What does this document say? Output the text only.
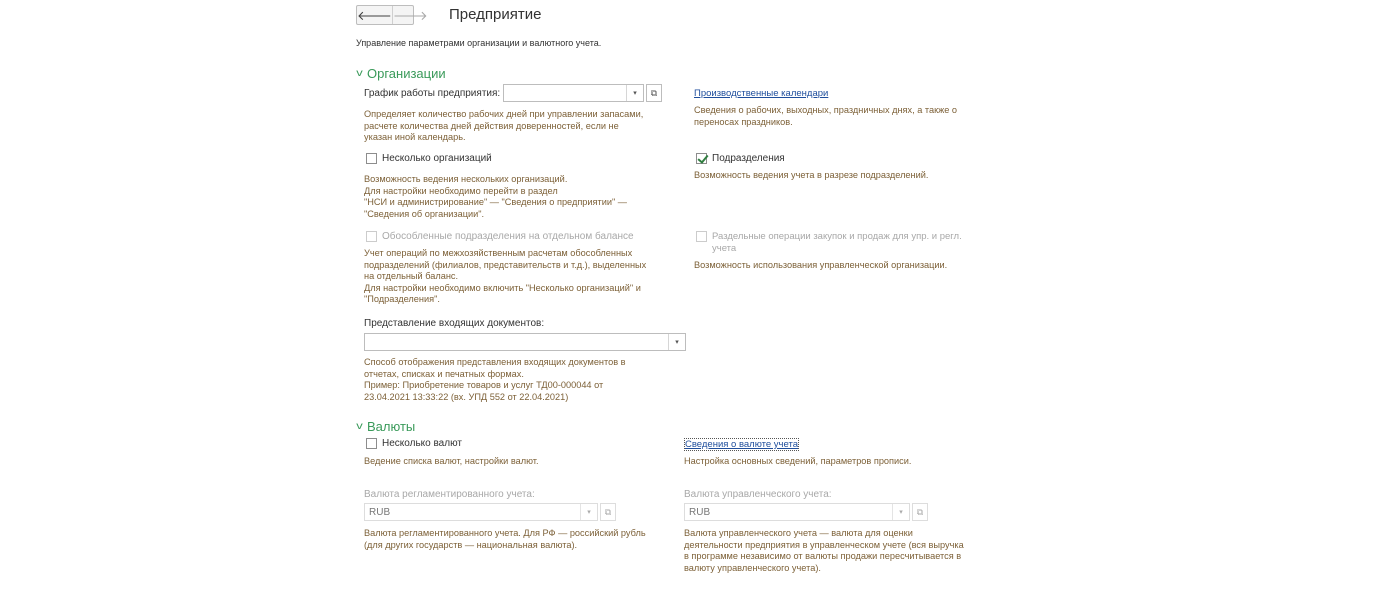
🡐 🡒 Предприятие
Управление параметрами организации и валютного учета.
v Организации
График работы предприятия:	▾	⧉
Определяет количество рабочих дней при управлении запасами,
расчете количества дней действия доверенностей, если не
указан иной календарь.
Производственные календари
Сведения о рабочих, выходных, праздничных днях, а также о
переносах праздников.
Несколько организаций
Возможность ведения нескольких организаций.
Для настройки необходимо перейти в раздел
"НСИ и администрирование" — "Сведения о предприятии" —
"Сведения об организации".
Подразделения
Возможность ведения учета в разрезе подразделений.
Обособленные подразделения на отдельном балансе
Учет операций по межхозяйственным расчетам обособленных
подразделений (филиалов, представительств и т.д.), выделенных
на отдельный баланс.
Для настройки необходимо включить "Несколько организаций" и
"Подразделения".
Раздельные операции закупок и продаж для упр. и регл.
учета
Возможность использования управленческой организации.
Представление входящих документов:
▾
Способ отображения представления входящих документов в
отчетах, списках и печатных формах.
Пример: Приобретение товаров и услуг ТД00-000044 от
23.04.2021 13:33:22 (вх. УПД 552 от 22.04.2021)
v Валюты
Несколько валют
Ведение списка валют, настройки валют.
Сведения о валюте учета
Настройка основных сведений, параметров прописи.
Валюта регламентированного учета:
RUB	▾	⧉
Валюта регламентированного учета. Для РФ — российский рубль
(для других государств — национальная валюта).
Валюта управленческого учета:
RUB	▾	⧉
Валюта управленческого учета — валюта для оценки
деятельности предприятия в управленческом учете (вся выручка
в программе независимо от валюты продажи пересчитывается в
валюту управленческого учета).
